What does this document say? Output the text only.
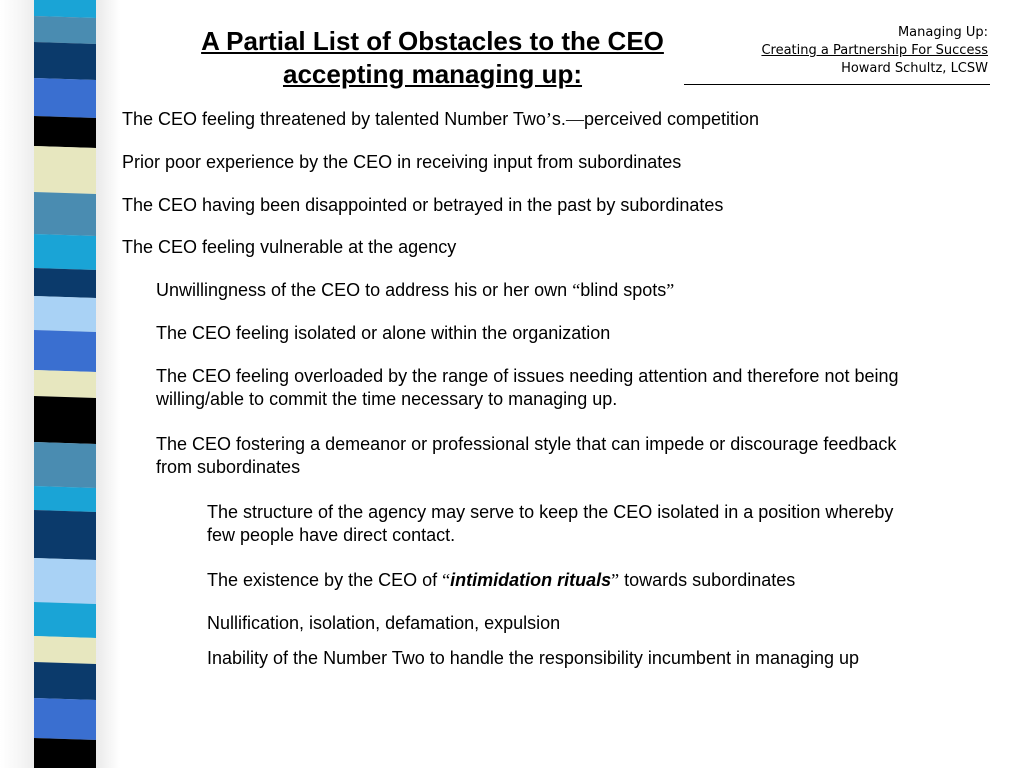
Managing Up:
Creating a Partnership For Success
Howard Schultz, LCSW
A Partial List of Obstacles to the CEO
accepting managing up:
The CEO feeling threatened by talented Number Two’s.—perceived competition
Prior poor experience by the CEO in receiving input from subordinates
The CEO having been disappointed or betrayed in the past by subordinates
The CEO feeling vulnerable at the agency
Unwillingness of the CEO to address his or her own “blind spots”
The CEO feeling isolated or alone within the organization
The CEO feeling overloaded by the range of issues needing attention and therefore not being willing/able to commit the time necessary to managing up.
The CEO fostering a demeanor or professional style that can impede or discourage feedback from subordinates
The structure of the agency may serve to keep the CEO isolated in a position whereby few people have direct contact.
The existence by the CEO of “intimidation rituals” towards subordinates
Nullification, isolation, defamation, expulsion
Inability of the Number Two to handle the responsibility incumbent in managing up
